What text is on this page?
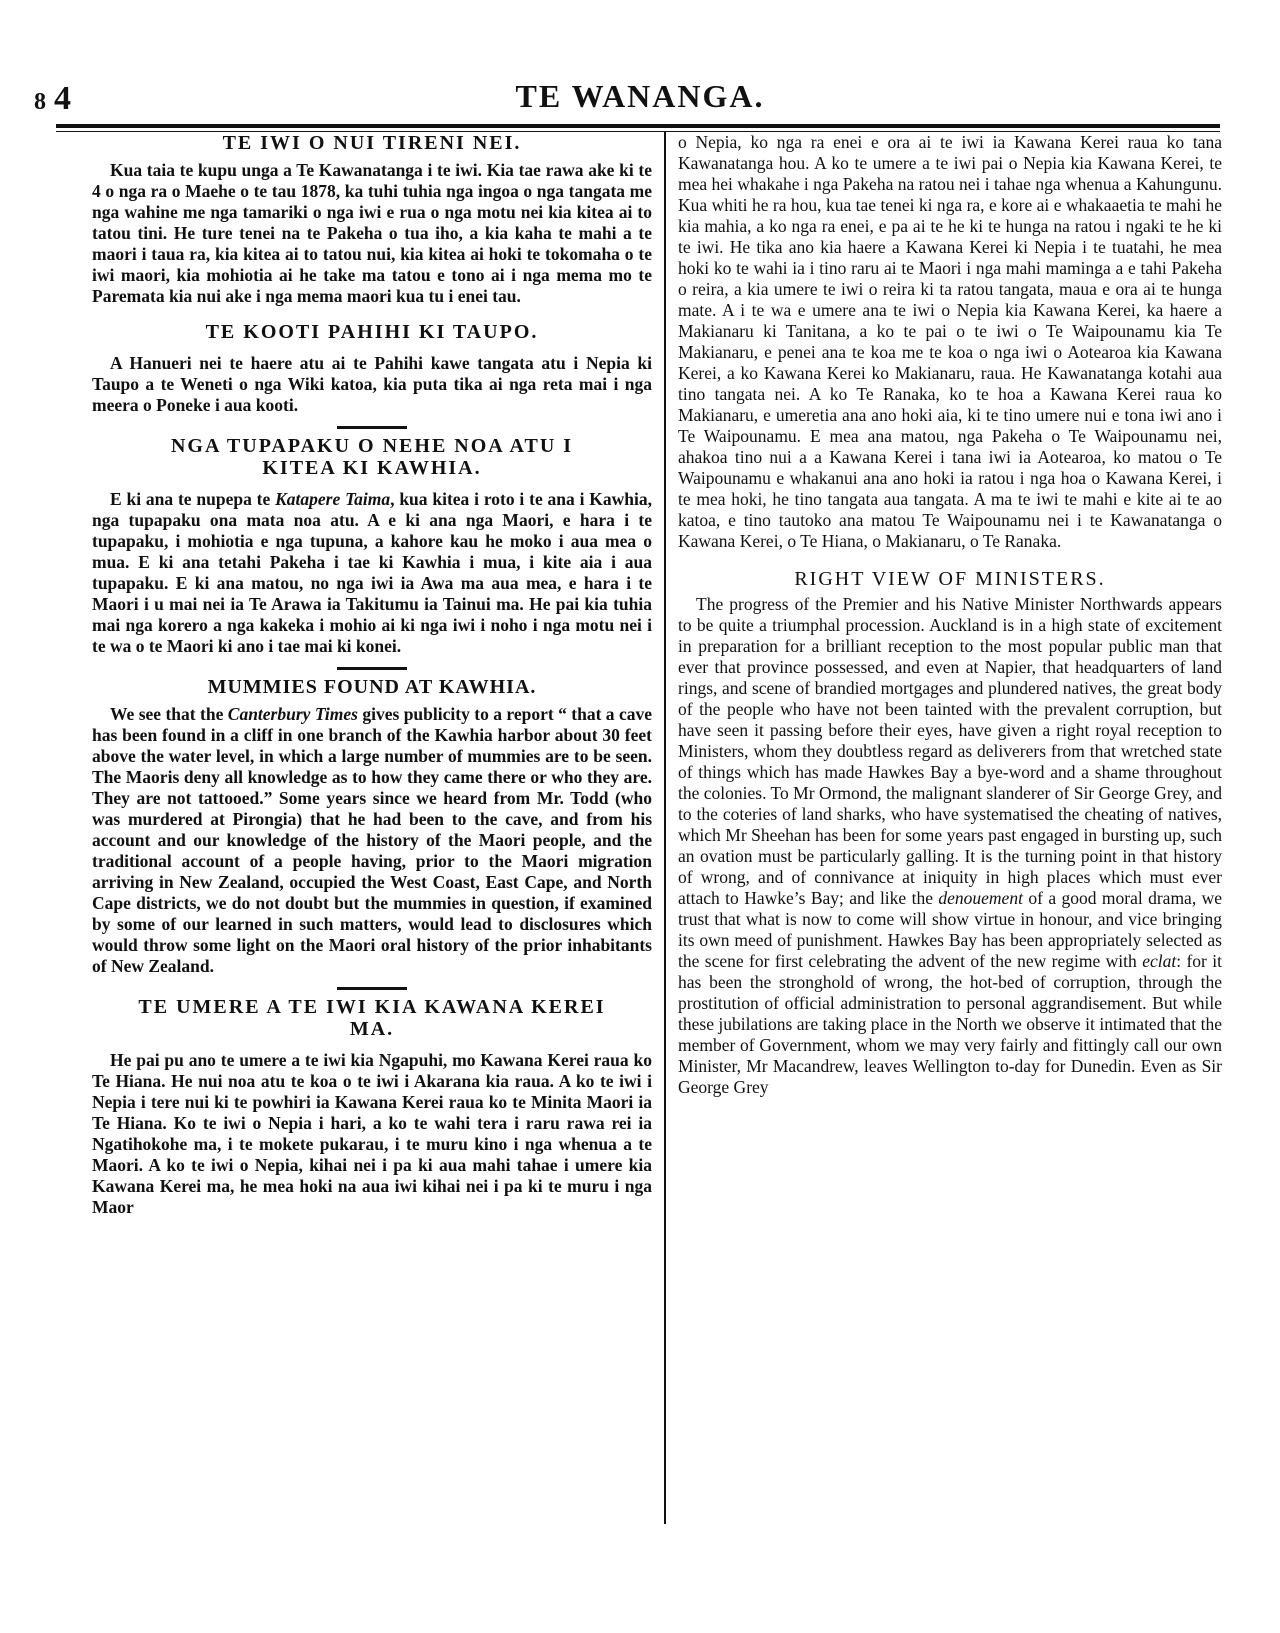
8 4	TE WANANGA.
TE IWI O NUI TIRENI NEI.

Kua taia te kupu unga a Te Kawanatanga i te iwi. Kia tae rawa ake ki te 4 o nga ra o Maehe o te tau 1878, ka tuhi tuhia nga ingoa o nga tangata me nga wahine me nga tamariki o nga iwi e rua o nga motu nei kia kitea ai to tatou tini. He ture tenei na te Pakeha o tua iho, a kia kaha te mahi a te maori i taua ra, kia kitea ai to tatou nui, kia kitea ai hoki te tokomaha o te iwi maori, kia mohiotia ai he take ma tatou e tono ai i nga mema mo te Paremata kia nui ake i nga mema maori kua tu i enei tau.

TE KOOTI PAHIHI KI TAUPO.

A Hanueri nei te haere atu ai te Pahihi kawe tangata atu i Nepia ki Taupo a te Weneti o nga Wiki katoa, kia puta tika ai nga reta mai i nga meera o Poneke i aua kooti.

NGA TUPAPAKU O NEHE NOA ATU I
KITEA KI KAWHIA.

E ki ana te nupepa te Katapere Taima, kua kitea i roto i te ana i Kawhia, nga tupapaku ona mata noa atu. A e ki ana nga Maori, e hara i te tupapaku, i mohiotia e nga tupuna, a kahore kau he moko i aua mea o mua. E ki ana tetahi Pakeha i tae ki Kawhia i mua, i kite aia i aua tupapaku. E ki ana matou, no nga iwi ia Awa ma aua mea, e hara i te Maori i u mai nei ia Te Arawa ia Takitumu ia Tainui ma. He pai kia tuhia mai nga korero a nga kakeka i mohio ai ki nga iwi i noho i nga motu nei i te wa o te Maori ki ano i tae mai ki konei.

MUMMIES FOUND AT KAWHIA.

We see that the Canterbury Times gives publicity to a report “ that a cave has been found in a cliff in one branch of the Kawhia harbor about 30 feet above the water level, in which a large number of mummies are to be seen. The Maoris deny all knowledge as to how they came there or who they are. They are not tattooed.” Some years since we heard from Mr. Todd (who was murdered at Pirongia) that he had been to the cave, and from his account and our knowledge of the history of the Maori people, and the traditional account of a people having, prior to the Maori migration arriving in New Zealand, occupied the West Coast, East Cape, and North Cape districts, we do not doubt but the mummies in question, if examined by some of our learned in such matters, would lead to disclosures which would throw some light on the Maori oral history of the prior inhabitants of New Zealand.

TE UMERE A TE IWI KIA KAWANA KEREI
MA.

He pai pu ano te umere a te iwi kia Ngapuhi, mo Kawana Kerei raua ko Te Hiana. He nui noa atu te koa o te iwi i Akarana kia raua. A ko te iwi i Nepia i tere nui ki te powhiri ia Kawana Kerei raua ko te Minita Maori ia Te Hiana. Ko te iwi o Nepia i hari, a ko te wahi tera i raru rawa rei ia Ngatihokohe ma, i te mokete pukarau, i te muru kino i nga whenua a te Maori. A ko te iwi o Nepia, kihai nei i pa ki aua mahi tahae i umere kia Kawana Kerei ma, he mea hoki na aua iwi kihai nei i pa ki te muru i nga Maor

o Nepia, ko nga ra enei e ora ai te iwi ia Kawana Kerei raua ko tana Kawanatanga hou. A ko te umere a te iwi pai o Nepia kia Kawana Kerei, te mea hei whakahe i nga Pakeha na ratou nei i tahae nga whenua a Kahungunu. Kua whiti he ra hou, kua tae tenei ki nga ra, e kore ai e whakaaetia te mahi he kia mahia, a ko nga ra enei, e pa ai te he ki te hunga na ratou i ngaki te he ki te iwi. He tika ano kia haere a Kawana Kerei ki Nepia i te tuatahi, he mea hoki ko te wahi ia i tino raru ai te Maori i nga mahi maminga a e tahi Pakeha o reira, a kia umere te iwi o reira ki ta ratou tangata, maua e ora ai te hunga mate. A i te wa e umere ana te iwi o Nepia kia Kawana Kerei, ka haere a Makianaru ki Tanitana, a ko te pai o te iwi o Te Waipounamu kia Te Makianaru, e penei ana te koa me te koa o nga iwi o Aotearoa kia Kawana Kerei, a ko Kawana Kerei ko Makianaru, raua. He Kawanatanga kotahi aua tino tangata nei. A ko Te Ranaka, ko te hoa a Kawana Kerei raua ko Makianaru, e umeretia ana ano hoki aia, ki te tino umere nui e tona iwi ano i Te Waipounamu. E mea ana matou, nga Pakeha o Te Waipounamu nei, ahakoa tino nui a a Kawana Kerei i tana iwi ia Aotearoa, ko matou o Te Waipounamu e whakanui ana ano hoki ia ratou i nga hoa o Kawana Kerei, i te mea hoki, he tino tangata aua tangata. A ma te iwi te mahi e kite ai te ao katoa, e tino tautoko ana matou Te Waipounamu nei i te Kawanatanga o Kawana Kerei, o Te Hiana, o Makianaru, o Te Ranaka.

RIGHT VIEW OF MINISTERS.

The progress of the Premier and his Native Minister Northwards appears to be quite a triumphal procession. Auckland is in a high state of excitement in preparation for a brilliant reception to the most popular public man that ever that province possessed, and even at Napier, that headquarters of land rings, and scene of brandied mortgages and plundered natives, the great body of the people who have not been tainted with the prevalent corruption, but have seen it passing before their eyes, have given a right royal reception to Ministers, whom they doubtless regard as deliverers from that wretched state of things which has made Hawkes Bay a bye-word and a shame throughout the colonies. To Mr Ormond, the malignant slanderer of Sir George Grey, and to the coteries of land sharks, who have systematised the cheating of natives, which Mr Sheehan has been for some years past engaged in bursting up, such an ovation must be particularly galling. It is the turning point in that history of wrong, and of connivance at iniquity in high places which must ever attach to Hawke’s Bay; and like the denouement of a good moral drama, we trust that what is now to come will show virtue in honour, and vice bringing its own meed of punishment. Hawkes Bay has been appropriately selected as the scene for first celebrating the advent of the new regime with eclat: for it has been the stronghold of wrong, the hot-bed of corruption, through the prostitution of official administration to personal aggrandisement. But while these jubilations are taking place in the North we observe it intimated that the member of Government, whom we may very fairly and fittingly call our own Minister, Mr Macandrew, leaves Wellington to-day for Dunedin. Even as Sir George Grey
